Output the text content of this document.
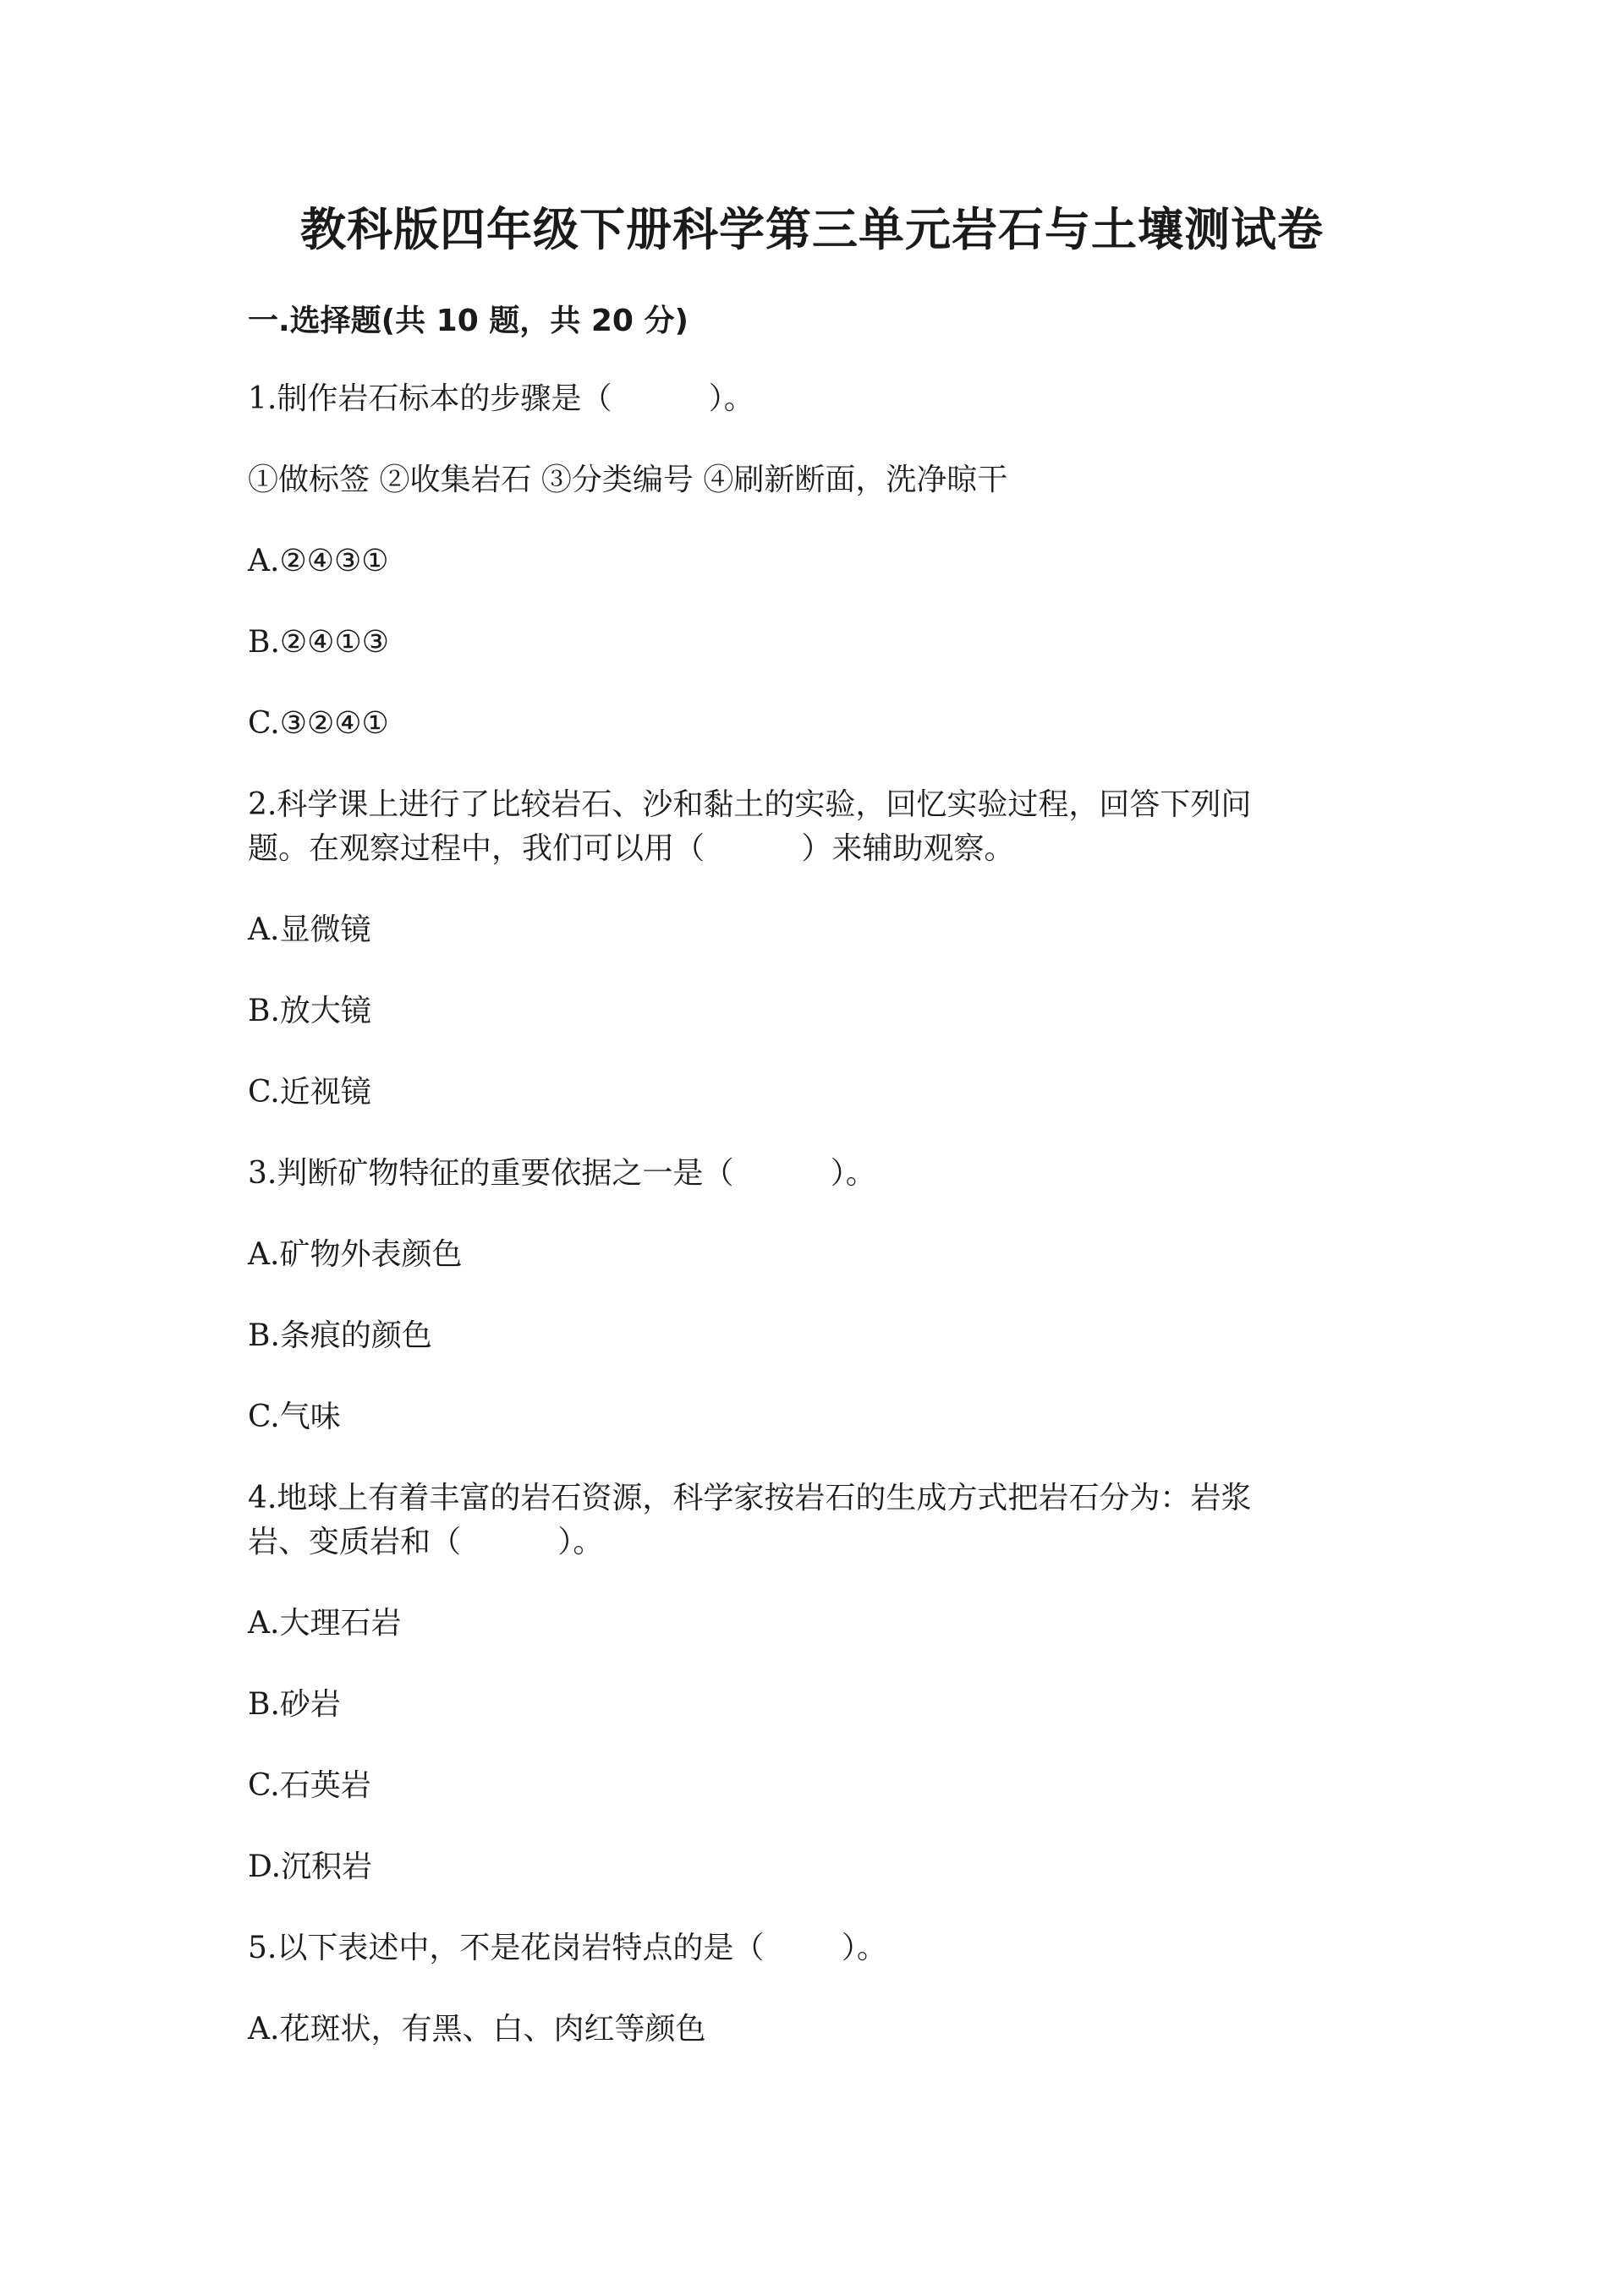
教科版四年级下册科学第三单元岩石与土壤测试卷
一.选择题(共 10 题，共 20 分)

1.制作岩石标本的步骤是（          ）。

①做标签 ②收集岩石 ③分类编号 ④刷新断面，洗净晾干

A.②④③①

B.②④①③

C.③②④①

2.科学课上进行了比较岩石、沙和黏土的实验，回忆实验过程，回答下列问

题。在观察过程中，我们可以用（          ）来辅助观察。

A.显微镜

B.放大镜

C.近视镜

3.判断矿物特征的重要依据之一是（          ）。

A.矿物外表颜色

B.条痕的颜色

C.气味

4.地球上有着丰富的岩石资源，科学家按岩石的生成方式把岩石分为：岩浆

岩、变质岩和（          ）。

A.大理石岩

B.砂岩

C.石英岩

D.沉积岩

5.以下表述中，不是花岗岩特点的是（        ）。

A.花斑状，有黑、白、肉红等颜色
